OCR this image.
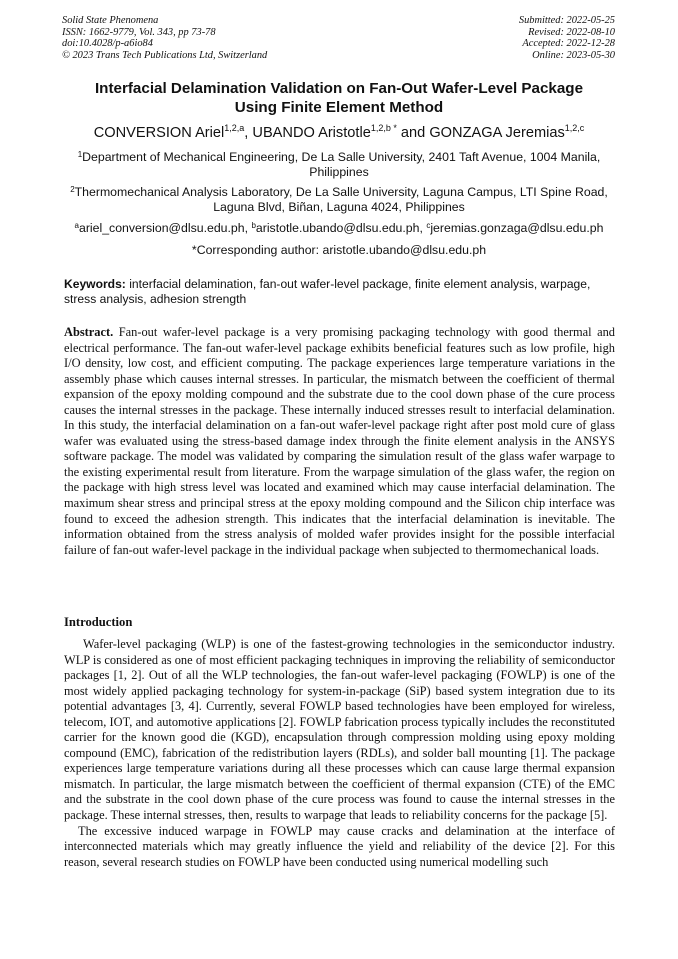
Solid State Phenomena
ISSN: 1662-9779, Vol. 343, pp 73-78
doi:10.4028/p-a6io84
© 2023 Trans Tech Publications Ltd, Switzerland
Submitted: 2022-05-25
Revised: 2022-08-10
Accepted: 2022-12-28
Online: 2023-05-30
Interfacial Delamination Validation on Fan-Out Wafer-Level Package
Using Finite Element Method
CONVERSION Ariel$^{1,2,a}$, UBANDO Aristotle$^{1,2,b *}$ and GONZAGA Jeremias$^{1,2,c}$
$^1$Department of Mechanical Engineering, De La Salle University, 2401 Taft Avenue, 1004 Manila, Philippines
$^2$Thermomechanical Analysis Laboratory, De La Salle University, Laguna Campus, LTI Spine Road, Laguna Blvd, Biñan, Laguna 4024, Philippines
$^a$ariel_conversion@dlsu.edu.ph, $^b$aristotle.ubando@dlsu.edu.ph, $^c$jeremias.gonzaga@dlsu.edu.ph
*Corresponding author: aristotle.ubando@dlsu.edu.ph
Keywords: interfacial delamination, fan-out wafer-level package, finite element analysis, warpage, stress analysis, adhesion strength
Abstract. Fan-out wafer-level package is a very promising packaging technology with good thermal and electrical performance. The fan-out wafer-level package exhibits beneficial features such as low profile, high I/O density, low cost, and efficient computing. The package experiences large temperature variations in the assembly phase which causes internal stresses. In particular, the mismatch between the coefficient of thermal expansion of the epoxy molding compound and the substrate due to the cool down phase of the cure process causes the internal stresses in the package. These internally induced stresses result to interfacial delamination. In this study, the interfacial delamination on a fan-out wafer-level package right after post mold cure of glass wafer was evaluated using the stress-based damage index through the finite element analysis in the ANSYS software package. The model was validated by comparing the simulation result of the glass wafer warpage to the existing experimental result from literature. From the warpage simulation of the glass wafer, the region on the package with high stress level was located and examined which may cause interfacial delamination. The maximum shear stress and principal stress at the epoxy molding compound and the Silicon chip interface was found to exceed the adhesion strength. This indicates that the interfacial delamination is inevitable. The information obtained from the stress analysis of molded wafer provides insight for the possible interfacial failure of fan-out wafer-level package in the individual package when subjected to thermomechanical loads.
Introduction

Wafer-level packaging (WLP) is one of the fastest-growing technologies in the semiconductor industry. WLP is considered as one of most efficient packaging techniques in improving the reliability of semiconductor packages [1, 2]. Out of all the WLP technologies, the fan-out wafer-level packaging (FOWLP) is one of the most widely applied packaging technology for system-in-package (SiP) based system integration due to its potential advantages [3, 4]. Currently, several FOWLP based technologies have been employed for wireless, telecom, IOT, and automotive applications [2]. FOWLP fabrication process typically includes the reconstituted carrier for the known good die (KGD), encapsulation through compression molding using epoxy molding compound (EMC), fabrication of the redistribution layers (RDLs), and solder ball mounting [1]. The package experiences large temperature variations during all these processes which can cause large thermal expansion mismatch. In particular, the large mismatch between the coefficient of thermal expansion (CTE) of the EMC and the substrate in the cool down phase of the cure process was found to cause the internal stresses in the package. These internal stresses, then, results to warpage that leads to reliability concerns for the package [5].

The excessive induced warpage in FOWLP may cause cracks and delamination at the interface of interconnected materials which may greatly influence the yield and reliability of the device [2]. For this reason, several research studies on FOWLP have been conducted using numerical modelling such
